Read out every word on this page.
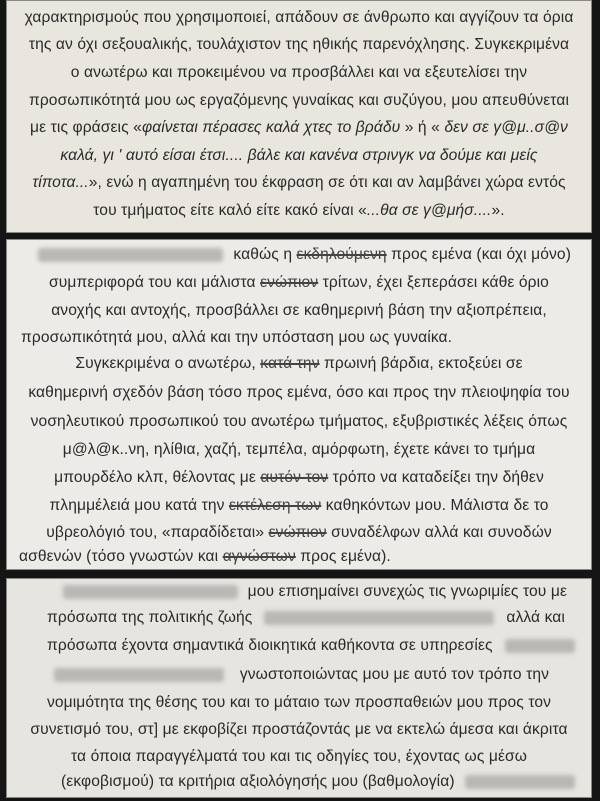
χαρακτηρισμούς που χρησιμοποιεί, απάδουν σε άνθρωπο και αγγίζουν τα όρια
της αν όχι σεξουαλικής, τουλάχιστον της ηθικής παρενόχλησης. Συγκεκριμένα
ο ανωτέρω και προκειμένου να προσβάλλει και να εξευτελίσει την
προσωπικότητά μου ως εργαζόμενης γυναίκας και συζύγου, μου απευθύνεται
με τις φράσεις «φαίνεται πέρασες καλά χτες το βράδυ » ή « δεν σε γ@μ..σ@ν
καλά, γι ' αυτό είσαι έτσι.... βάλε και κανένα στρινγκ να δούμε και μείς
τίποτα...», ενώ η αγαπημένη του έκφραση σε ότι και αν λαμβάνει χώρα εντός
του τμήματος είτε καλό είτε κακό είναι «...θα σε γ@μήσ....».
καθώς η εκδηλούμενη προς εμένα (και όχι μόνο)
συμπεριφορά του και μάλιστα ενώπιον τρίτων, έχει ξεπεράσει κάθε όριο
ανοχής και αντοχής, προσβάλλει σε καθημερινή βάση την αξιοπρέπεια,
προσωπικότητά μου, αλλά και την υπόσταση μου ως γυναίκα.
Συγκεκριμένα ο ανωτέρω, κατά την πρωινή βάρδια, εκτοξεύει σε
καθημερινή σχεδόν βάση τόσο προς εμένα, όσο και προς την πλειοψηφία του
νοσηλευτικού προσωπικού του ανωτέρω τμήματος, εξυβριστικές λέξεις όπως
μ@λ@κ..νη, ηλίθια, χαζή, τεμπέλα, αμόρφωτη, έχετε κάνει το τμήμα
μπουρδέλο κλπ, θέλοντας με αυτόν τον τρόπο να καταδείξει την δήθεν
πλημμέλειά μου κατά την εκτέλεση των καθηκόντων μου. Μάλιστα δε το
υβρεολόγιό του, «παραδίδεται» ενώπιον συναδέλφων αλλά και συνοδών
ασθενών (τόσο γνωστών και αγνώστων προς εμένα).
μου επισημαίνει συνεχώς τις γνωριμίες του με
πρόσωπα της πολιτικής ζωής	αλλά και
πρόσωπα έχοντα σημαντικά διοικητικά καθήκοντα σε υπηρεσίες
γνωστοποιώντας μου με αυτό τον τρόπο την
νομιμότητα της θέσης του και το μάταιο των προσπαθειών μου προς τον
συνετισμό του, στ] με εκφοβίζει προστάζοντάς με να εκτελώ άμεσα και άκριτα
τα όποια παραγγέλματά του και τις οδηγίες του, έχοντας ως μέσω
(εκφοβισμού) τα κριτήρια αξιολόγησής μου (βαθμολογία)
